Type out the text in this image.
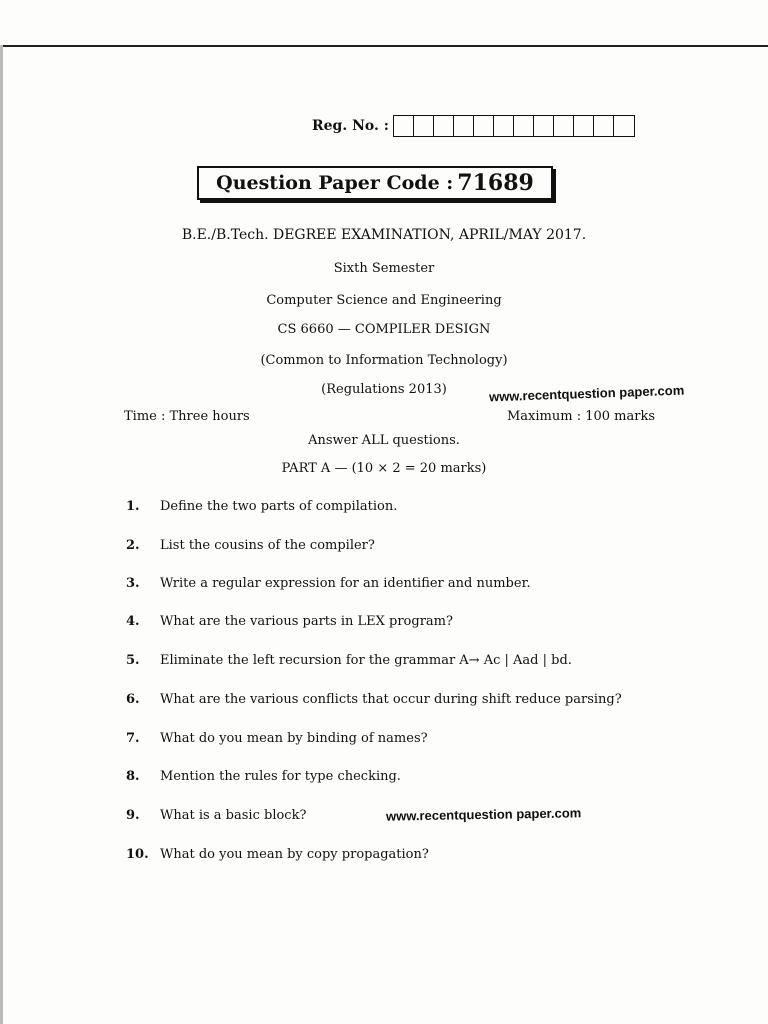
Reg. No. :
Question Paper Code : 71689
B.E./B.Tech. DEGREE EXAMINATION, APRIL/MAY 2017.
Sixth Semester
Computer Science and Engineering
CS 6660 — COMPILER DESIGN
(Common to Information Technology)
(Regulations 2013)	www.recentquestion paper.com
Time : Three hours	Maximum : 100 marks
Answer ALL questions.
PART A — (10 × 2 = 20 marks)
1. Define the two parts of compilation.
2. List the cousins of the compiler?
3. Write a regular expression for an identifier and number.
4. What are the various parts in LEX program?
5. Eliminate the left recursion for the grammar A→ Ac | Aad | bd.
6. What are the various conflicts that occur during shift reduce parsing?
7. What do you mean by binding of names?
8. Mention the rules for type checking.
9. What is a basic block?
10. What do you mean by copy propagation?
www.recentquestion paper.com
